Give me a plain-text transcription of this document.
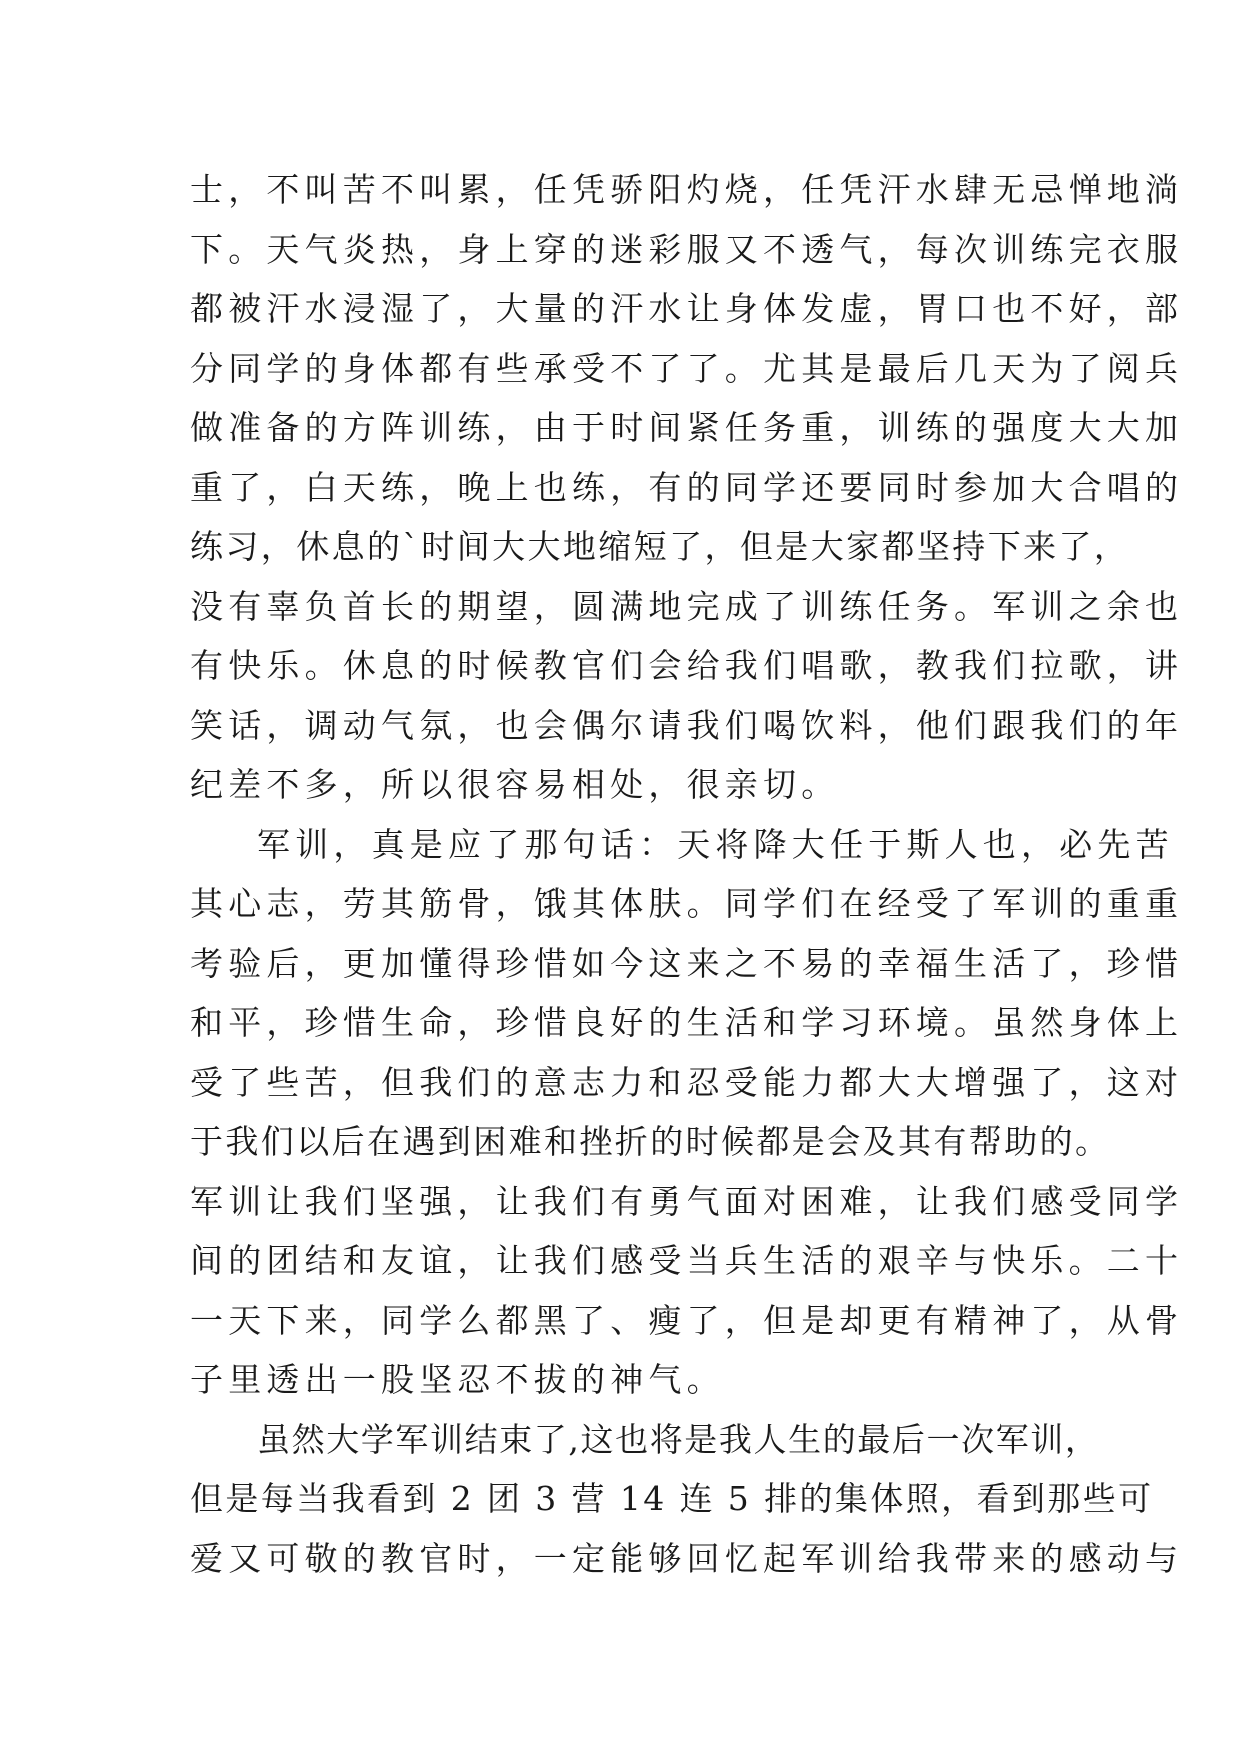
士，不叫苦不叫累，任凭骄阳灼烧，任凭汗水肆无忌惮地淌
下。天气炎热，身上穿的迷彩服又不透气，每次训练完衣服
都被汗水浸湿了，大量的汗水让身体发虚，胃口也不好，部
分同学的身体都有些承受不了了。尤其是最后几天为了阅兵
做准备的方阵训练，由于时间紧任务重，训练的强度大大加
重了，白天练，晚上也练，有的同学还要同时参加大合唱的
练习，休息的`时间大大地缩短了，但是大家都坚持下来了，
没有辜负首长的期望，圆满地完成了训练任务。军训之余也
有快乐。休息的时候教官们会给我们唱歌，教我们拉歌，讲
笑话，调动气氛，也会偶尔请我们喝饮料，他们跟我们的年
纪差不多，所以很容易相处，很亲切。
军训，真是应了那句话：天将降大任于斯人也，必先苦
其心志，劳其筋骨，饿其体肤。同学们在经受了军训的重重
考验后，更加懂得珍惜如今这来之不易的幸福生活了，珍惜
和平，珍惜生命，珍惜良好的生活和学习环境。虽然身体上
受了些苦，但我们的意志力和忍受能力都大大增强了，这对
于我们以后在遇到困难和挫折的时候都是会及其有帮助的。
军训让我们坚强，让我们有勇气面对困难，让我们感受同学
间的团结和友谊，让我们感受当兵生活的艰辛与快乐。二十
一天下来，同学么都黑了、瘦了，但是却更有精神了，从骨
子里透出一股坚忍不拔的神气。
虽然大学军训结束了,这也将是我人生的最后一次军训，
但是每当我看到 2 团 3 营 14 连 5 排的集体照，看到那些可
爱又可敬的教官时，一定能够回忆起军训给我带来的感动与
